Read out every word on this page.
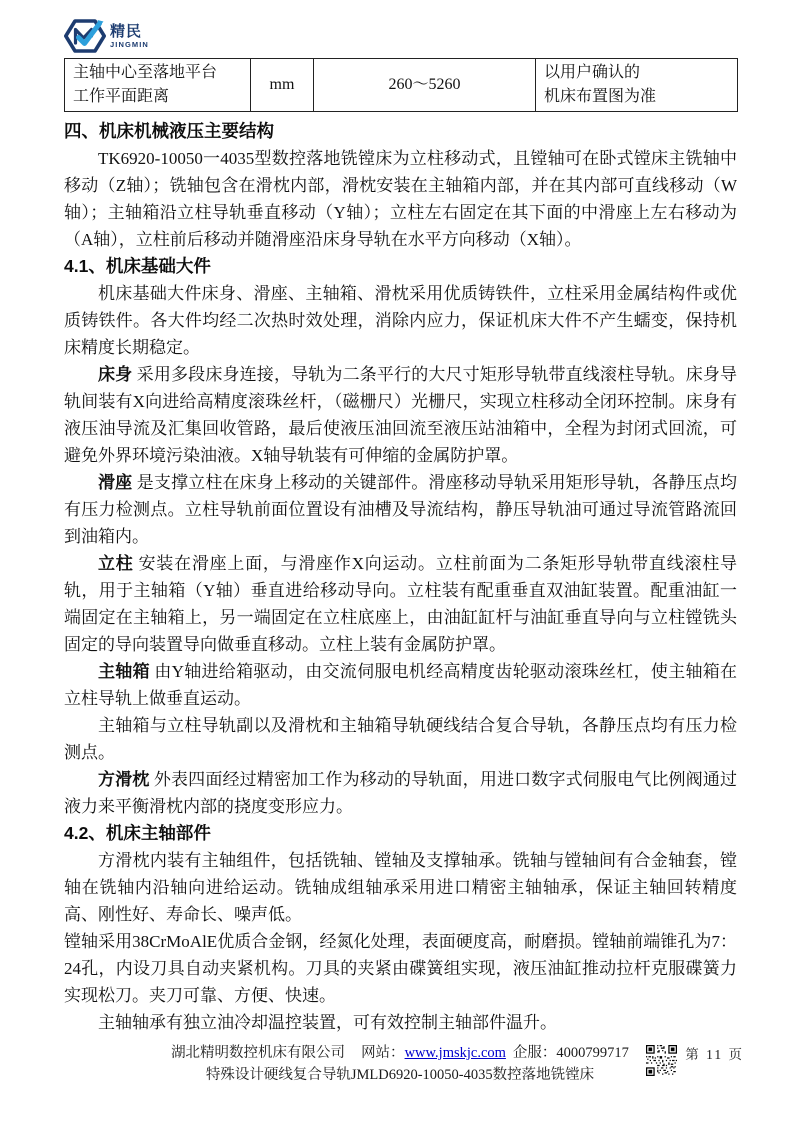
精民
JINGMIN
主轴中心至落地平台
工作平面距离	mm	260～5260	以用户确认的
机床布置图为准
四、机床机械液压主要结构

TK6920-10050一4035型数控落地铣镗床为立柱移动式，且镗轴可在卧式镗床主铣轴中移动（Z轴）；铣轴包含在滑枕内部，滑枕安装在主轴箱内部，并在其内部可直线移动（W轴）；主轴箱沿立柱导轨垂直移动（Y轴）；立柱左右固定在其下面的中滑座上左右移动为（A轴），立柱前后移动并随滑座沿床身导轨在水平方向移动（X轴）。

4.1、机床基础大件

机床基础大件床身、滑座、主轴箱、滑枕采用优质铸铁件，立柱采用金属结构件或优质铸铁件。各大件均经二次热时效处理，消除内应力，保证机床大件不产生蠕变，保持机床精度长期稳定。

床身 采用多段床身连接，导轨为二条平行的大尺寸矩形导轨带直线滚柱导轨。床身导轨间装有X向进给高精度滚珠丝杆，（磁栅尺）光栅尺，实现立柱移动全闭环控制。床身有液压油导流及汇集回收管路，最后使液压油回流至液压站油箱中，全程为封闭式回流，可避免外界环境污染油液。X轴导轨装有可伸缩的金属防护罩。

滑座 是支撑立柱在床身上移动的关键部件。滑座移动导轨采用矩形导轨，各静压点均有压力检测点。立柱导轨前面位置设有油槽及导流结构，静压导轨油可通过导流管路流回到油箱内。

立柱 安装在滑座上面，与滑座作X向运动。立柱前面为二条矩形导轨带直线滚柱导轨，用于主轴箱（Y轴）垂直进给移动导向。立柱装有配重垂直双油缸装置。配重油缸一端固定在主轴箱上，另一端固定在立柱底座上，由油缸缸杆与油缸垂直导向与立柱镗铣头固定的导向装置导向做垂直移动。立柱上装有金属防护罩。

主轴箱 由Y轴进给箱驱动，由交流伺服电机经高精度齿轮驱动滚珠丝杠，使主轴箱在立柱导轨上做垂直运动。

主轴箱与立柱导轨副以及滑枕和主轴箱导轨硬线结合复合导轨，各静压点均有压力检测点。

方滑枕 外表四面经过精密加工作为移动的导轨面，用进口数字式伺服电气比例阀通过液力来平衡滑枕内部的挠度变形应力。

4.2、机床主轴部件

方滑枕内装有主轴组件，包括铣轴、镗轴及支撑轴承。铣轴与镗轴间有合金轴套，镗轴在铣轴内沿轴向进给运动。铣轴成组轴承采用进口精密主轴轴承，保证主轴回转精度高、刚性好、寿命长、噪声低。

镗轴采用38CrMoAlE优质合金钢，经氮化处理，表面硬度高，耐磨损。镗轴前端锥孔为7：24孔，内设刀具自动夹紧机构。刀具的夹紧由碟簧组实现，液压油缸推动拉杆克服碟簧力实现松刀。夹刀可靠、方便、快速。

主轴轴承有独立油冷却温控装置，可有效控制主轴部件温升。

湖北精明数控机床有限公司 网站：www.jmskjc.com 企服：4000799717
特殊设计硬线复合导轨JMLD6920-10050-4035数控落地铣镗床
第 11 页
